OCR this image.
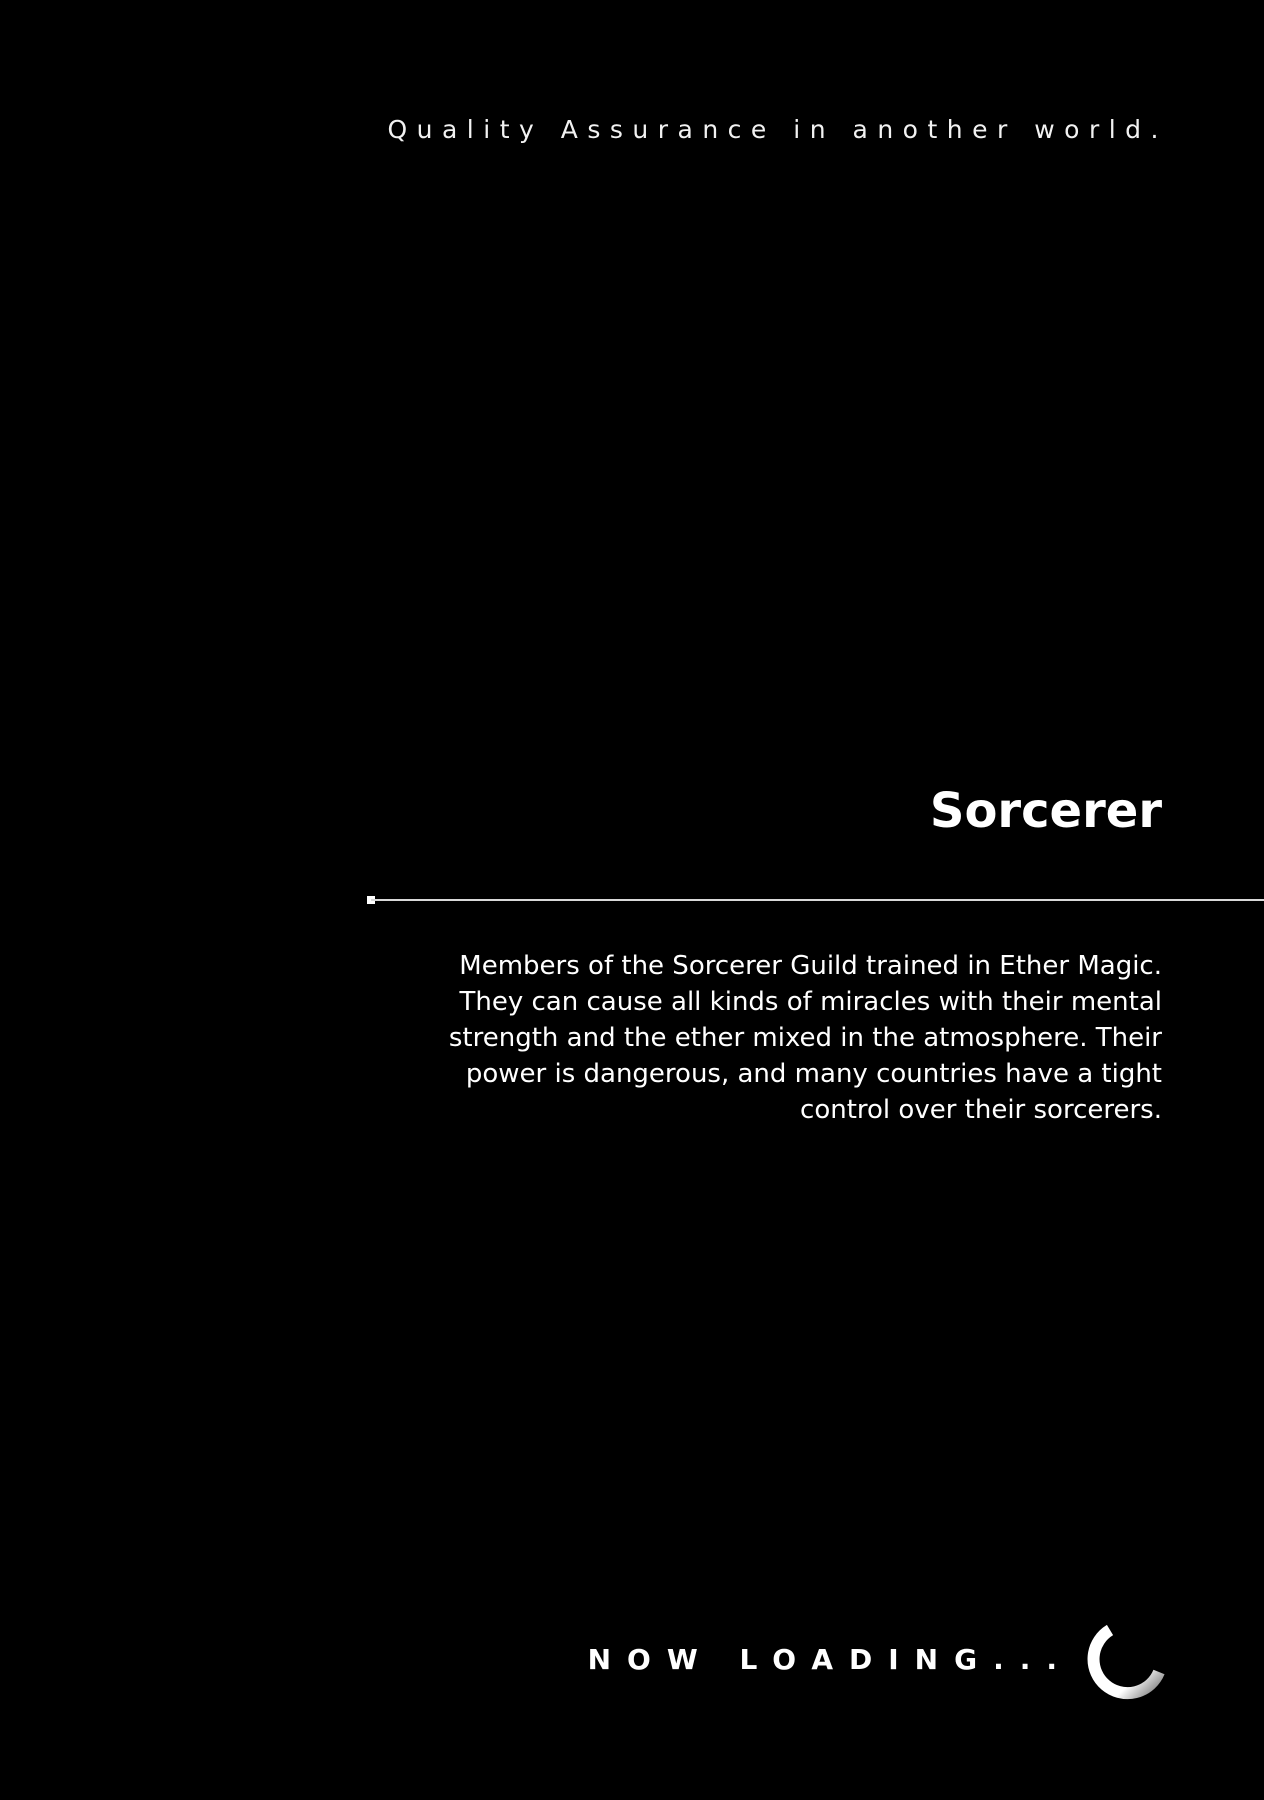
Quality Assurance in another world.
Sorcerer
Members of the Sorcerer Guild trained in Ether Magic. They can cause all kinds of miracles with their mental strength and the ether mixed in the atmosphere. Their power is dangerous, and many countries have a tight control over their sorcerers.
NOW LOADING...
